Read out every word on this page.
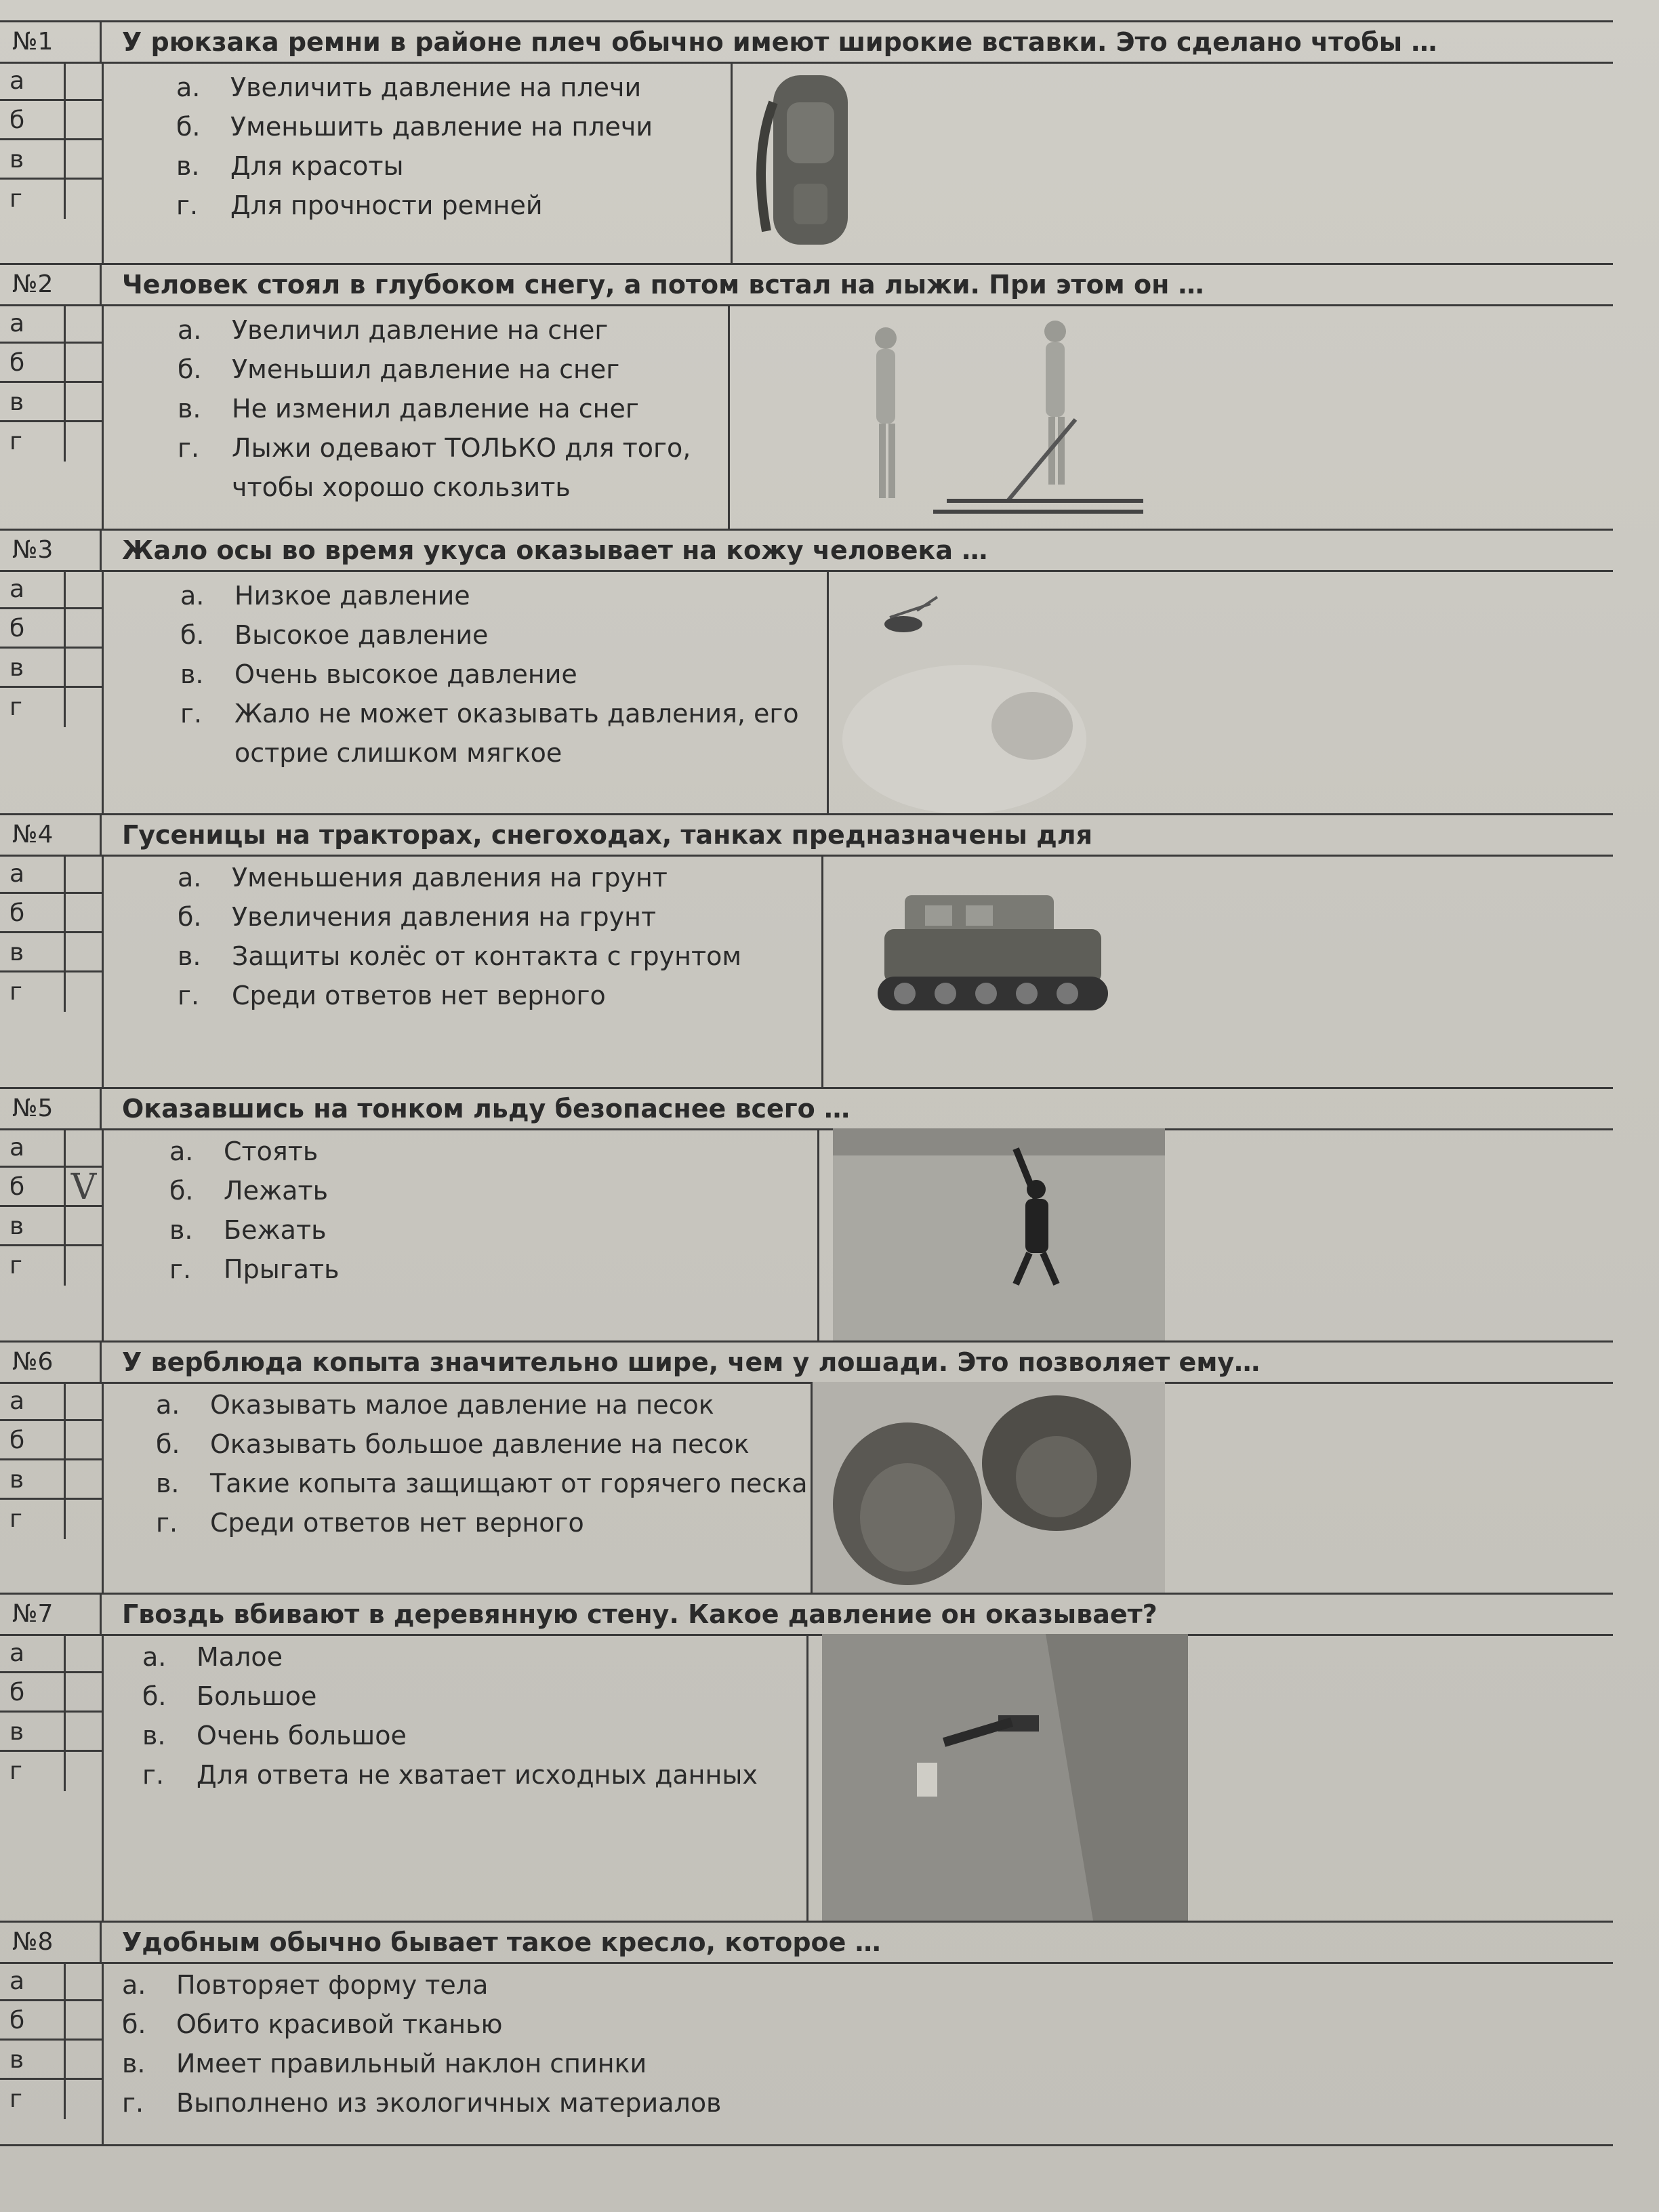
№1	У рюкзака ремни в районе плеч обычно имеют широкие вставки. Это сделано чтобы …
а
б
в
г
а.	Увеличить давление на плечи
б.	Уменьшить давление на плечи
в.	Для красоты
г.	Для прочности ремней
№2	Человек стоял в глубоком снегу, а потом встал на лыжи. При этом он …
а
б
в
г
а.	Увеличил давление на снег
б.	Уменьшил давление на снег
в.	Не изменил давление на снег
г.	Лыжи одевают ТОЛЬКО для того,
чтобы хорошо скользить
№3	Жало осы во время укуса оказывает на кожу человека …
а
б
в
г
а.	Низкое давление
б.	Высокое давление
в.	Очень высокое давление
г.	Жало не может оказывать давления, его
острие слишком мягкое
№4	Гусеницы на тракторах, снегоходах, танках предназначены для
а
б
в
г
а.	Уменьшения давления на грунт
б.	Увеличения давления на грунт
в.	Защиты колёс от контакта с грунтом
г.	Среди ответов нет верного
№5	Оказавшись на тонком льду безопаснее всего …
а
б V
в
г
а.	Стоять
б.	Лежать
в.	Бежать
г.	Прыгать
№6	У верблюда копыта значительно шире, чем у лошади. Это позволяет ему…
а
б
в
г
а.	Оказывать малое давление на песок
б.	Оказывать большое давление на песок
в.	Такие копыта защищают от горячего песка
г.	Среди ответов нет верного
№7	Гвоздь вбивают в деревянную стену. Какое давление он оказывает?
а
б
в
г
а.	Малое
б.	Большое
в.	Очень большое
г.	Для ответа не хватает исходных данных
№8	Удобным обычно бывает такое кресло, которое …
а
б
в
г
а.	Повторяет форму тела
б.	Обито красивой тканью
в.	Имеет правильный наклон спинки
г.	Выполнено из экологичных материалов
